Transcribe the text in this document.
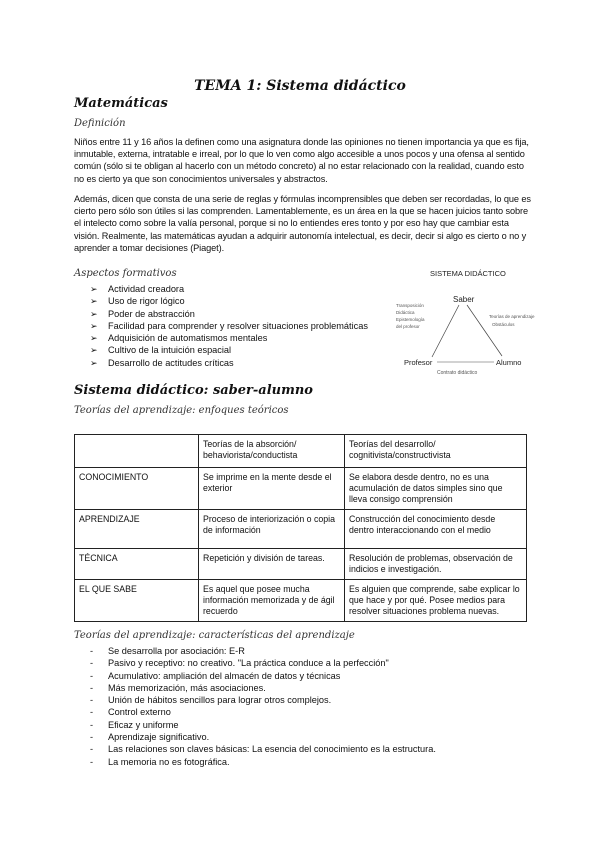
TEMA 1: Sistema didáctico
Matemáticas
Definición
Niños entre 11 y 16 años la definen como una asignatura donde las opiniones no tienen importancia ya que es fija, inmutable, externa, intratable e irreal, por lo que lo ven como algo accesible a unos pocos y una ofensa al sentido común (sólo si te obligan al hacerlo con un método concreto) al no estar relacionado con la realidad, cuando esto no es cierto ya que son conocimientos universales y abstractos.
Además, dicen que consta de una serie de reglas y fórmulas incomprensibles que deben ser recordadas, lo que es cierto pero sólo son útiles si las comprenden. Lamentablemente, es un área en la que se hacen juicios tanto sobre el intelecto como sobre la valía personal, porque si no lo entiendes eres tonto y por eso hay que cambiar esta visión. Realmente, las matemáticas ayudan a adquirir autonomía intelectual, es decir, decir si algo es cierto o no y aprender a tomar decisiones (Piaget).
Aspectos formativos
➢ Actividad creadora
➢ Uso de rigor lógico
➢ Poder de abstracción
➢ Facilidad para comprender y resolver situaciones problemáticas
➢ Adquisición de automatismos mentales
➢ Cultivo de la intuición espacial
➢ Desarrollo de actitudes críticas
SISTEMA DIDÁCTICO
Saber
Profesor	Alumno
Transposición
Didáctica
Epistemología
del profesor
Teorías de aprendizaje
Obstáculos
Contrato didáctico
Sistema didáctico: saber-alumno
Teorías del aprendizaje: enfoques teóricos
	Teorías de la absorción/ behaviorista/conductista	Teorías del desarrollo/ cognitivista/constructivista
CONOCIMIENTO	Se imprime en la mente desde el exterior	Se elabora desde dentro, no es una acumulación de datos simples sino que lleva consigo comprensión
APRENDIZAJE	Proceso de interiorización o copia de información	Construcción del conocimiento desde dentro interaccionando con el medio
TÉCNICA	Repetición y división de tareas.	Resolución de problemas, observación de indicios e investigación.
EL QUE SABE	Es aquel que posee mucha información memorizada y de ágil recuerdo	Es alguien que comprende, sabe explicar lo que hace y por qué. Posee medios para resolver situaciones problema nuevas.
Teorías del aprendizaje: características del aprendizaje
- Se desarrolla por asociación: E-R
- Pasivo y receptivo: no creativo. "La práctica conduce a la perfección"
- Acumulativo: ampliación del almacén de datos y técnicas
- Más memorización, más asociaciones.
- Unión de hábitos sencillos para lograr otros complejos.
- Control externo
- Eficaz y uniforme
- Aprendizaje significativo.
- Las relaciones son claves básicas: La esencia del conocimiento es la estructura.
- La memoria no es fotográfica.
